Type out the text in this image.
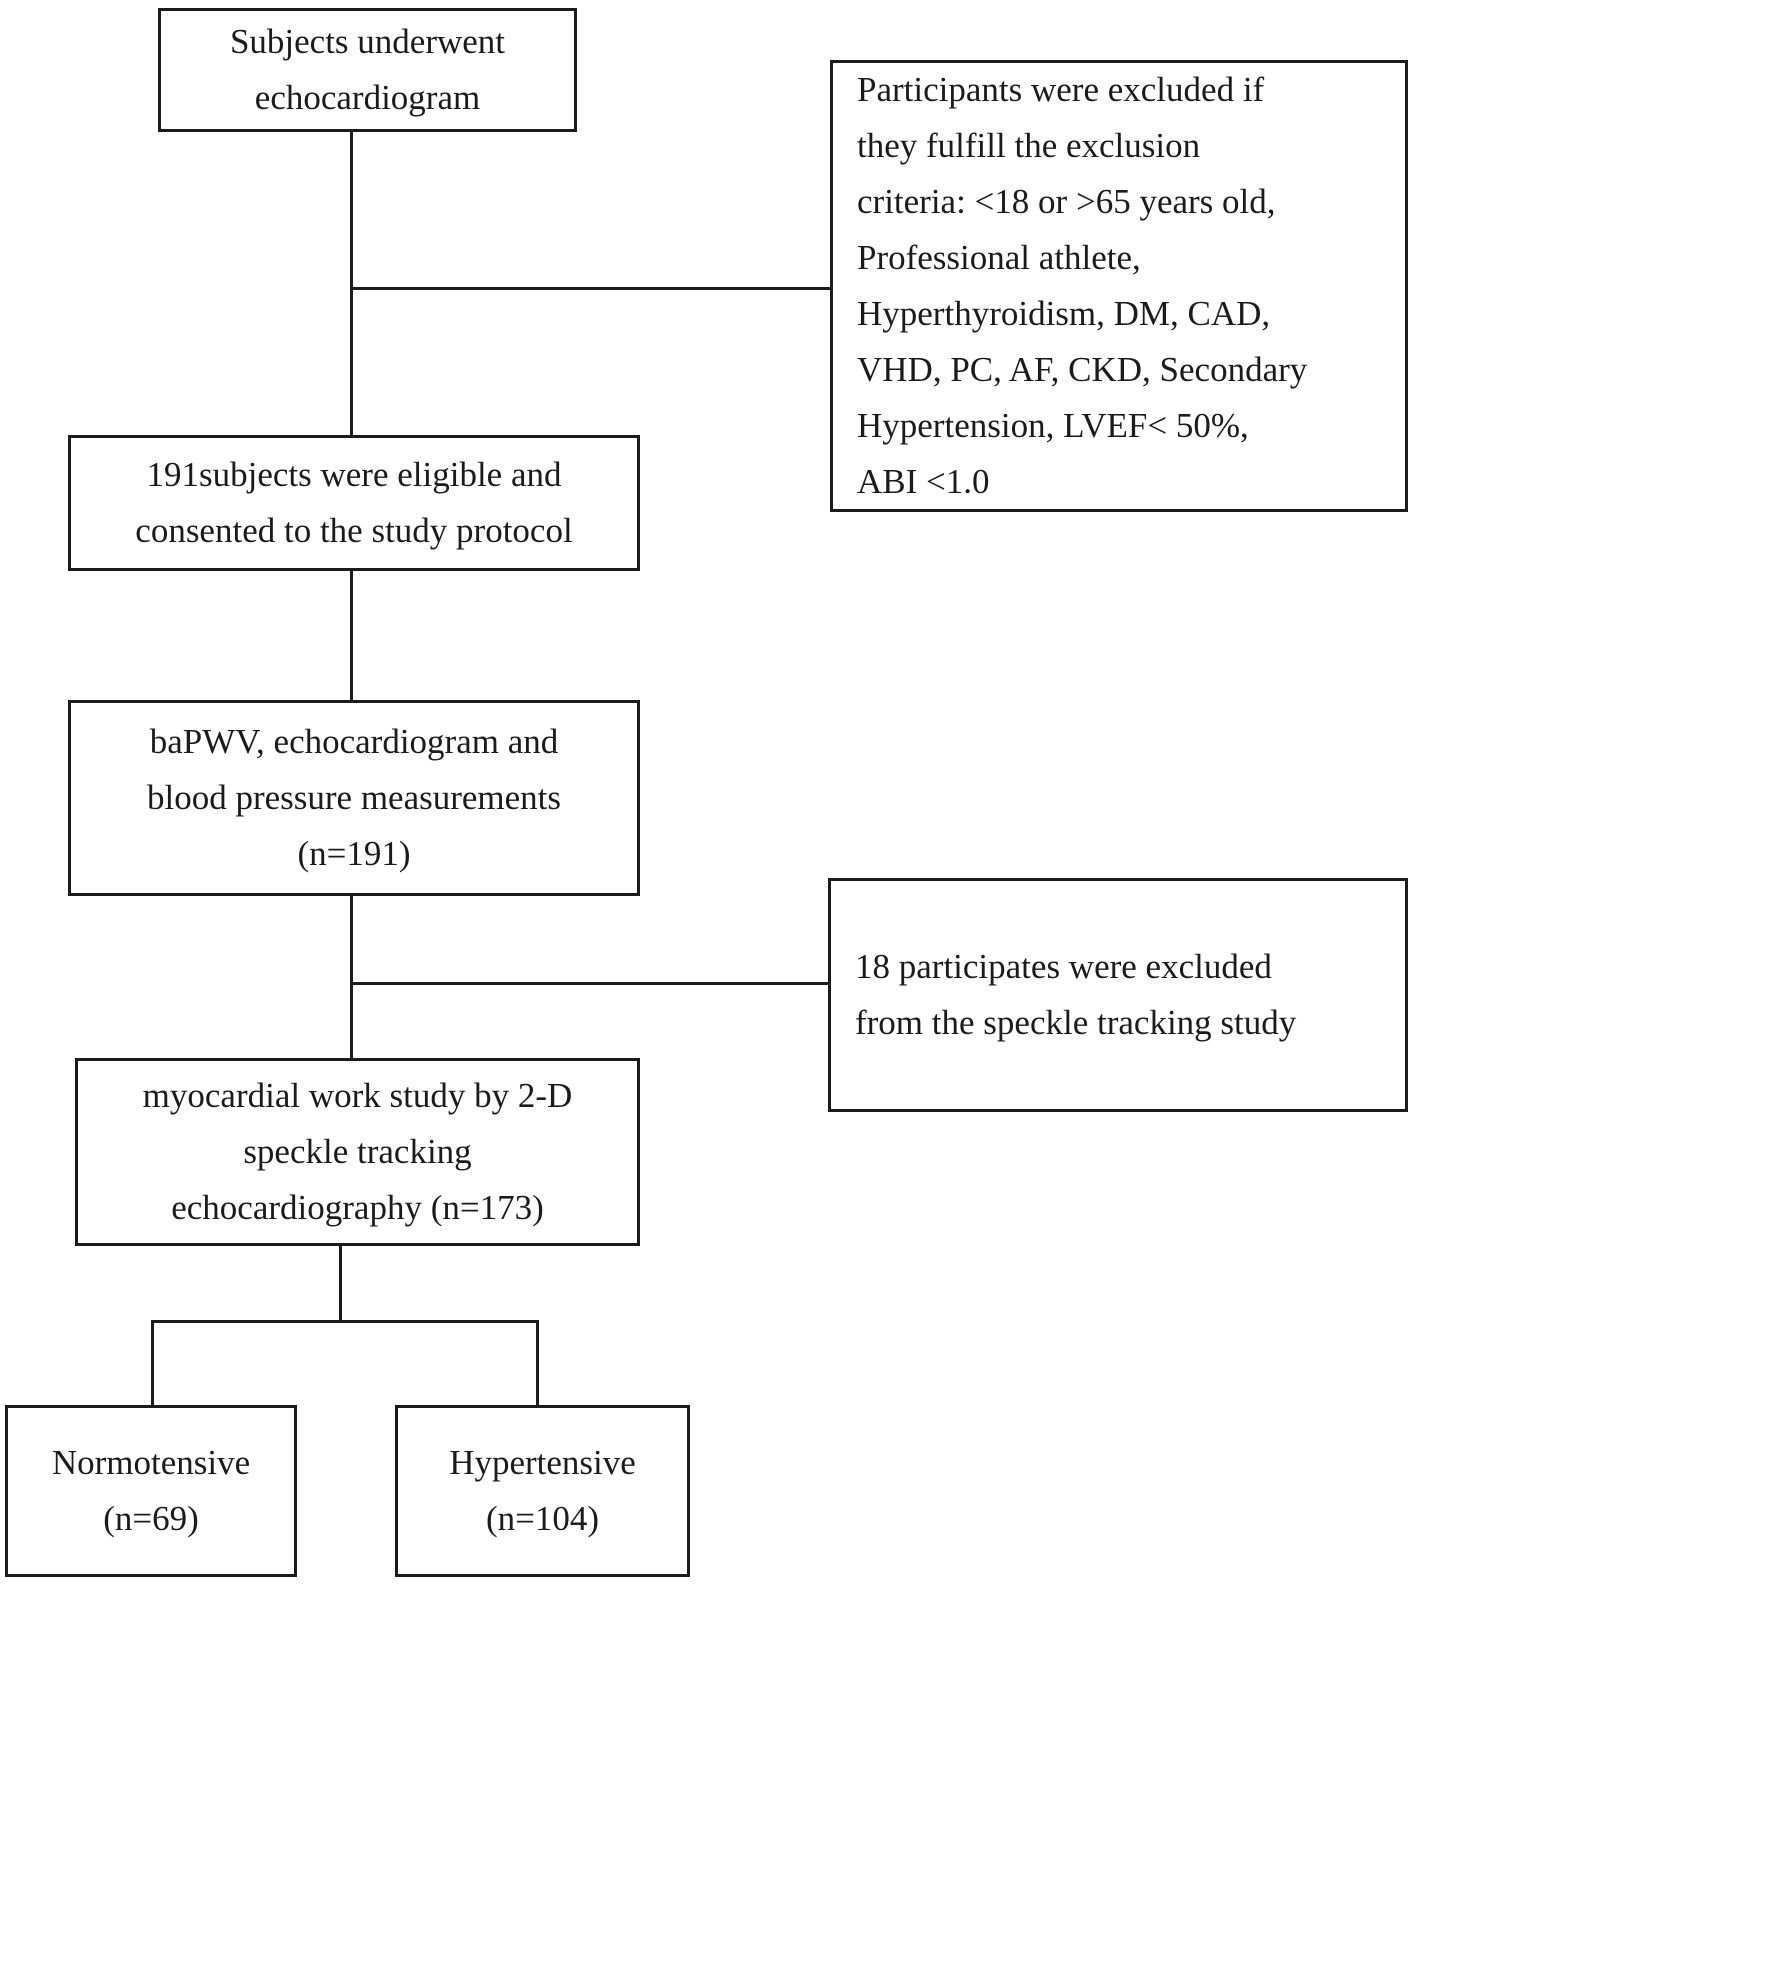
Subjects underwent
echocardiogram	Participants were excluded if
they fulfill the exclusion
criteria: <18 or >65 years old,
Professional athlete,
Hyperthyroidism, DM, CAD,
VHD, PC, AF, CKD, Secondary
Hypertension, LVEF< 50%,
ABI <1.0
191subjects were eligible and
consented to the study protocol
baPWV, echocardiogram and
blood pressure measurements
(n=191)
18 participates were excluded
from the speckle tracking study
myocardial work study by 2-D
speckle tracking
echocardiography (n=173)
Normotensive
(n=69)
Hypertensive
(n=104)
